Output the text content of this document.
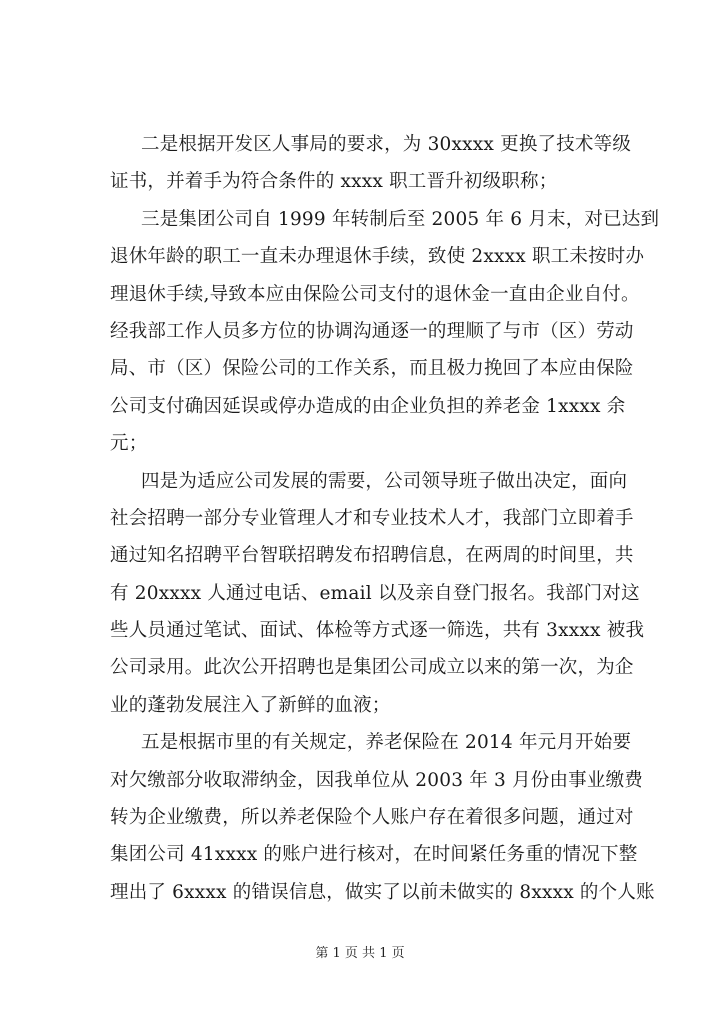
二是根据开发区人事局的要求，为 30xxxx 更换了技术等级
证书，并着手为符合条件的 xxxx 职工晋升初级职称；
三是集团公司自 1999 年转制后至 2005 年 6 月末，对已达到
退休年龄的职工一直未办理退休手续，致使 2xxxx 职工未按时办
理退休手续,导致本应由保险公司支付的退休金一直由企业自付。
经我部工作人员多方位的协调沟通逐一的理顺了与市（区）劳动
局、市（区）保险公司的工作关系，而且极力挽回了本应由保险
公司支付确因延误或停办造成的由企业负担的养老金 1xxxx 余
元；
四是为适应公司发展的需要，公司领导班子做出决定，面向
社会招聘一部分专业管理人才和专业技术人才，我部门立即着手
通过知名招聘平台智联招聘发布招聘信息，在两周的时间里，共
有 20xxxx 人通过电话、email 以及亲自登门报名。我部门对这
些人员通过笔试、面试、体检等方式逐一筛选，共有 3xxxx 被我
公司录用。此次公开招聘也是集团公司成立以来的第一次，为企
业的蓬勃发展注入了新鲜的血液；
五是根据市里的有关规定，养老保险在 2014 年元月开始要
对欠缴部分收取滞纳金，因我单位从 2003 年 3 月份由事业缴费
转为企业缴费，所以养老保险个人账户存在着很多问题，通过对
集团公司 41xxxx 的账户进行核对，在时间紧任务重的情况下整
理出了 6xxxx 的错误信息，做实了以前未做实的 8xxxx 的个人账
第 1 页 共 1 页
